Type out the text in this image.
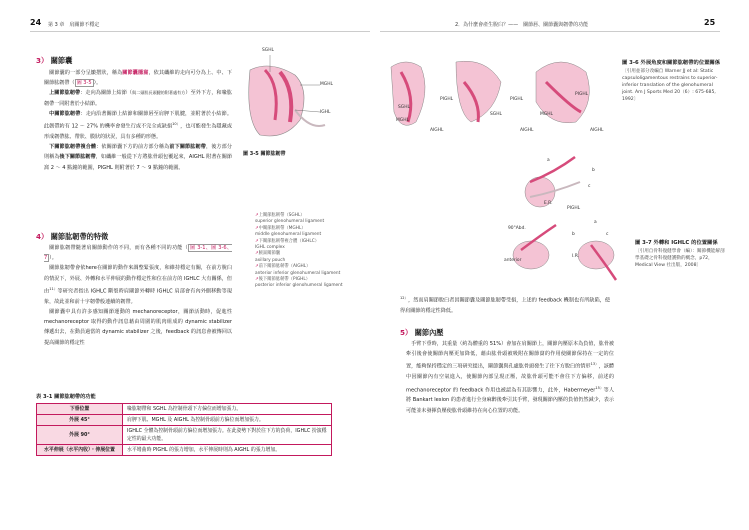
24 第 3 章　肩關節不穩定	2．為什麼會產生脫臼？——　關節唇、關節囊與韌帶的功能	25
3） 關節囊

關節囊的一部分呈皺摺狀，稱為關節囊隱窩，依其纖維的走向可分為上、中、下關節肱韌帶（ 圖 3-5 ）。

上關節肱韌帶：走向為關節上結節（與二頭肌長頭腱的附著處有方）至外下方，和喙肱韌帶一同附著於小結節。

中關節肱韌帶：走向沿著關節上結節和關節唇至肩胛下肌腱，並附著於小結節。此韌帶約有 12 ～ 27% 的機率會發生行或不完全或缺損$^{10)}$，也可能發生為隱藏或形成韌帶肱、帶狀、膜狀的狀況，具有多種的形態。

下關節肱韌帶複合體：依關節囊下方的前方部分稱為前下關節肱韌帶，後方部分則稱為後下關節肱韌帶，如纖維一般從下方將肱骨頭包覆起來，AIGHL 附著在關節窩 2 ～ 4 點鐘的範圍，PIGHL 則附著於 7 ～ 9 點鐘的範圍。

SGHL
MGHL
IGHL
圖 3-5 關節肱韌帶
↗上關節肱韌帶（SGHL）
superior glenohumeral ligament
↗中關節肱韌帶（MGHL）
middle glenohumeral ligament
↗下關節肱韌帶複合體（IGHLC）
IGHL complex
↗腋窩關節囊
axillary pouch
↗前下關節肱韌帶（AIGHL）
anterior inferior glenohumeral ligament
↗後下關節肱韌帶（PIGHL）
posterior inferior glenohumeral ligament
4） 關節肱韌帶的特徵

關節肱韌帶隨著肩關節動作的不同，而有各種不同的功能（ 圖 3-1、圖 3-6、7 ）。

關節肱韌帶會依here在關節的動作來調整緊張度，和維持穩定有關，在前方脫臼的情況下，外展、外轉和水平伸展的動作穩定性和位在前方的 IGHLC 大有關係，但由$^{11)}$等研究者指出 IGHLC 斷裂時肩關節外轉時 IGHLC 肩部會有內外側移動等現象，故此並和前十字韌帶般連續的韌帶。

關節囊中具有許多感知關節運動的 mechanoreceptor，關節活動時，促進性 mechanoreceptor 取得的動作訊息藉由周圍的肌肉組成的 dynamic stabilizer 傳遞出去，在動員過當的 dynamic stabilizer 之後，feedback 的訊息會被傳回以提高關節的穩定性

表 3-1 關節肱韌帶的功能
下垂位置	喙肱韌帶和 SGHL 為控制骨頭下方偏位而增加張力。
外展 45°	肩胛下肌、MGHL 及 AIGHL 為控制骨頭前方偏位而增加張力。
外展 90°	IGHLC 全體為控制骨頭前方偏位而增加張力。在此姿勢下對於往下方的負荷，IGHLC 扮演穩定性的最大功能。
水平伸展（水平內收）・伸展位置	水平彎曲時 PIGHL 的張力增加，水平伸展時則為 AIGHL 的張力增加。
PIGHL	PIGHL
PIGHL
SGHL
MGHL
SGHL	MGHL
AIGHL	AIGHL	AIGHL
圖 3-6 外展角度和關節肱韌帶的位置關係
〔引用並部分改編自 Warner JJ et al: Static capsuloligamentous restrains to superior-inferior translation of the glenohumeral joint. Am J Sports Med 20（6）: 675-685, 1992〕
a
b
c
E.R.
PIGHL
90°Abd.
I.R.
anterior
b	c
a
圖 3-7 外轉和 IGHLC 的位置關係
〔引用自骨科復健學會（編）：關節機能解剖學基礎之骨科復健護動的概念，p72，Medical View 社出版，2008〕
$^{12)}$，然而肩關節脫臼者因關節囊及關節肱韌帶受損，上述的 feedback 機制也有所缺陷，使得肩關節的穩定性降低。
5） 關節內壓

手臂下垂時，其重量（約為體重的 51%）會加在肩關節上，關節內壓原本為負值，肱骨被牽引後會使關節內壓更加降低，藉由肱骨頭被吸附在關節窩的作用使關節保持在一定的位置，能夠保持穩定的三項研究提出，關節囊與孔處肱骨頭發生了往下方脫臼的情形$^{13)}$，該體中因關節內有空氣進入，使關節內部呈現正壓，故肱骨頭可能不會往下方偏移，前述的 mechanoreceptor 的 feedback 作用也被認為有其影響力，此外，Habermeyer$^{15)}$等人將 Bankart lesion 的患者進行全身麻醉後牽引其手臂，發現關節內壓的負值仍然減少，表示可能並未發揮負壓使肱骨頭維持在向心位置的功能。
